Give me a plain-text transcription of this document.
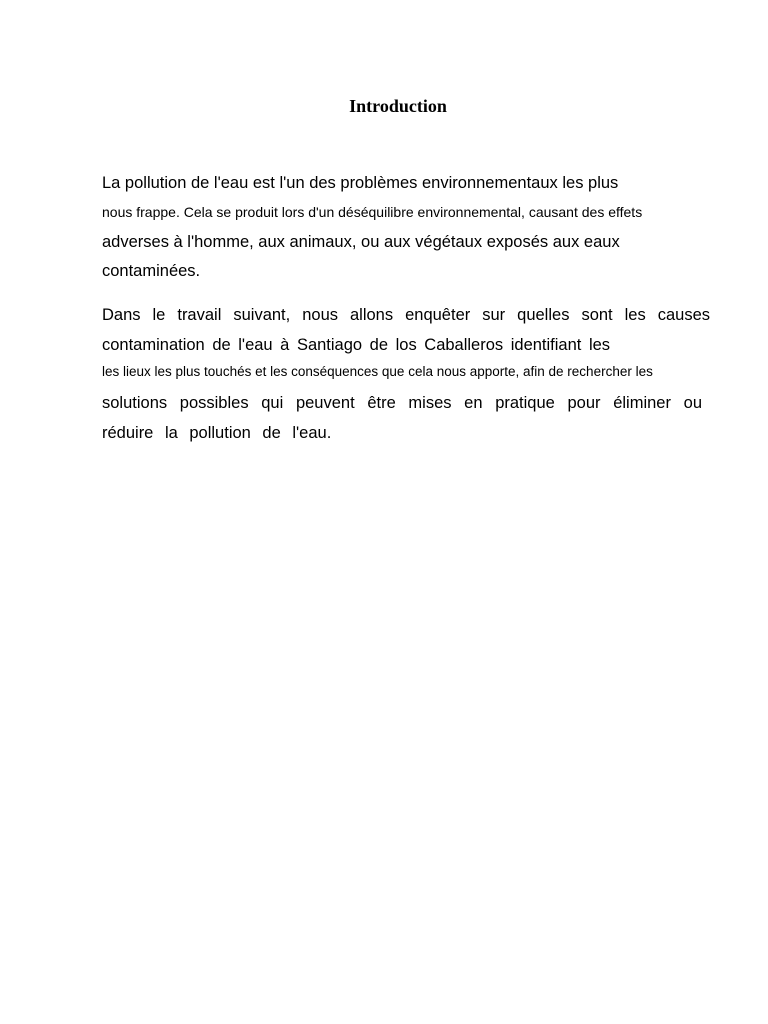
Introduction
La pollution de l'eau est l'un des problèmes environnementaux les plus
nous frappe. Cela se produit lors d'un déséquilibre environnemental, causant des effets
adverses à l'homme, aux animaux, ou aux végétaux exposés aux eaux
contaminées.
Dans le travail suivant, nous allons enquêter sur quelles sont les causes
contamination de l'eau à Santiago de los Caballeros identifiant les
les lieux les plus touchés et les conséquences que cela nous apporte, afin de rechercher les
solutions possibles qui peuvent être mises en pratique pour éliminer ou
réduire la pollution de l'eau.
